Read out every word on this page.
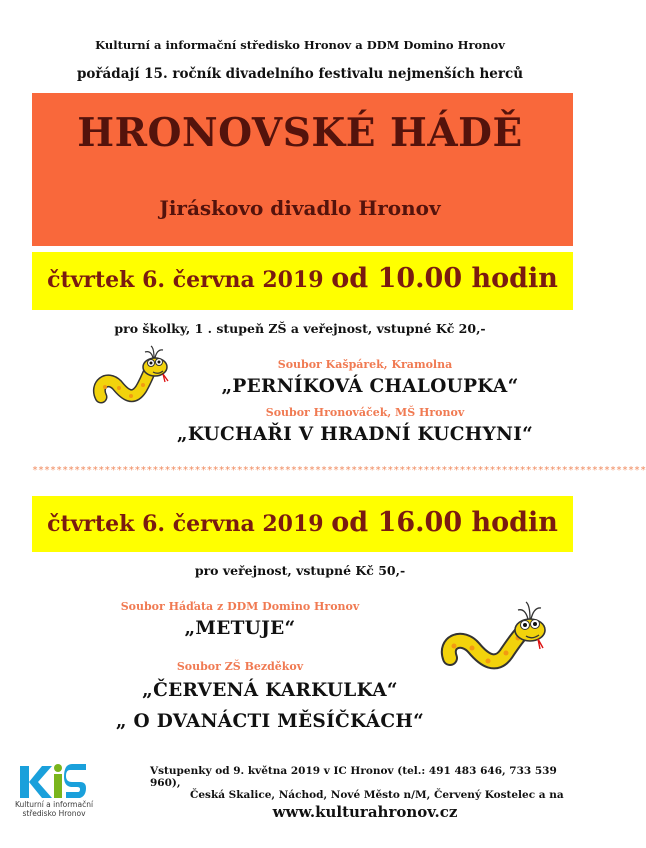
Kulturní a informační středisko Hronov a DDM Domino Hronov
pořádají 15. ročník divadelního festivalu nejmenších herců
HRONOVSKÉ HÁDĚ
Jiráskovo divadlo Hronov
čtvrtek 6. června 2019 od 10.00 hodin
pro školky, 1 . stupeň ZŠ a veřejnost, vstupné Kč 20,-
Soubor Kašpárek, Kramolna
„PERNÍKOVÁ CHALOUPKA“
Soubor Hronováček, MŠ Hronov
„KUCHAŘI V HRADNÍ KUCHYNI“
******************************************************************************************************
čtvrtek 6. června 2019 od 16.00 hodin
pro veřejnost, vstupné Kč 50,-
Soubor Háďata z DDM Domino Hronov
„METUJE“
Soubor ZŠ Bezděkov
„ČERVENÁ KARKULKA“
„ O DVANÁCTI MĚSÍČKÁCH“
Kulturní a informační
středisko Hronov
Vstupenky od 9. května 2019 v IC Hronov (tel.: 491 483 646, 733 539 960),
Česká Skalice, Náchod, Nové Město n/M, Červený Kostelec a na
www.kulturahronov.cz
